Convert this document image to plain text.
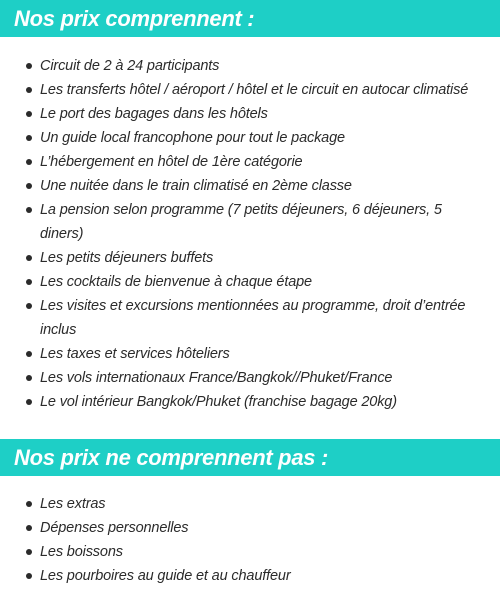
Nos prix comprennent :
Circuit de 2 à 24 participants
Les transferts hôtel / aéroport / hôtel et le circuit en autocar climatisé
Le port des bagages dans les hôtels
Un guide local francophone pour tout le package
L’hébergement en hôtel de 1ère catégorie
Une nuitée dans le train climatisé en 2ème classe
La pension selon programme (7 petits déjeuners, 6 déjeuners, 5 diners)
Les petits déjeuners buffets
Les cocktails de bienvenue à chaque étape
Les visites et excursions mentionnées au programme, droit d’entrée inclus
Les taxes et services hôteliers
Les vols internationaux France/Bangkok//Phuket/France
Le vol intérieur Bangkok/Phuket (franchise bagage 20kg)
Nos prix ne comprennent pas :
Les extras
Dépenses personnelles
Les boissons
Les pourboires au guide et au chauffeur
